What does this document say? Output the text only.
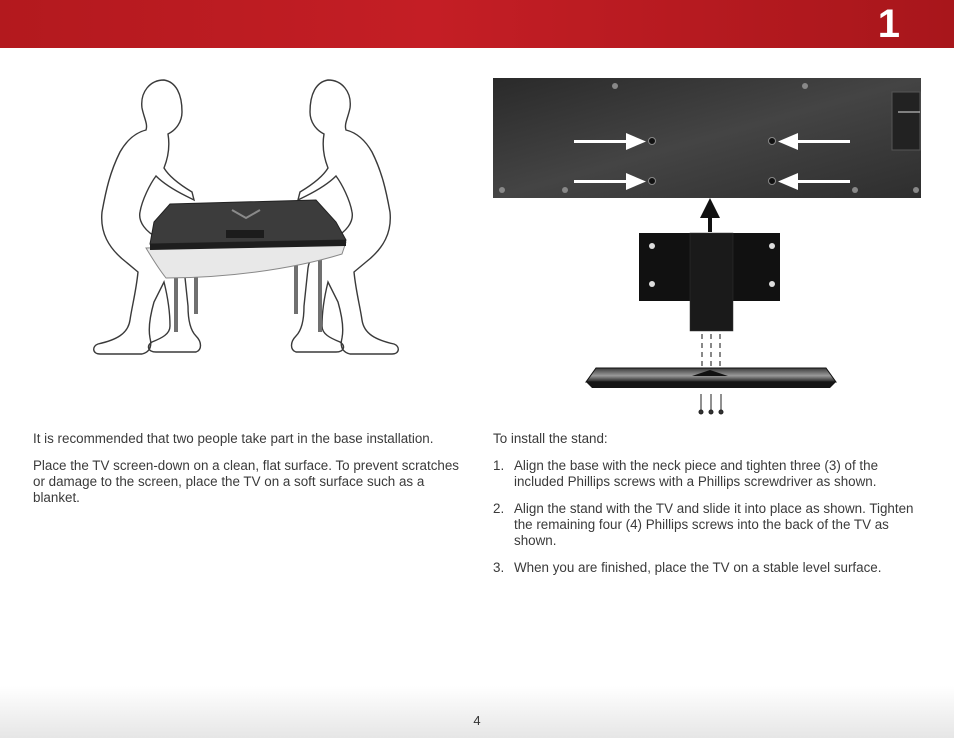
1

It is recommended that two people take part in the base installation.

Place the TV screen-down on a clean, flat surface. To prevent scratches or damage to the screen, place the TV on a soft surface such as a blanket.

To install the stand:

1. Align the base with the neck piece and tighten three (3) of the included Phillips screws with a Phillips screwdriver as shown.
2. Align the stand with the TV and slide it into place as shown. Tighten the remaining four (4) Phillips screws into the back of the TV as shown.
3. When you are finished, place the TV on a stable level surface.
4
